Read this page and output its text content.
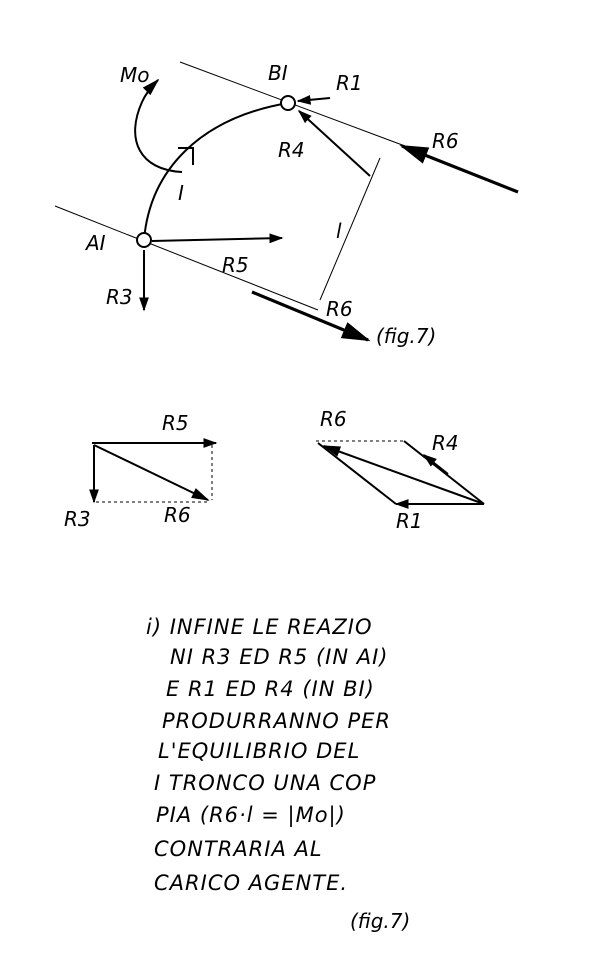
Mo	BI R1
R4	R6
I
l
AI
R5
R3	R6
(fig.7)
R5
R3	R6
R6
R4
R1
i) INFINE LE REAZIO
NI R3 ED R5 (IN AI)
E R1 ED R4 (IN BI)
PRODURRANNO PER
L'EQUILIBRIO DEL
I TRONCO UNA COP
PIA (R6·l = |Mo|)
CONTRARIA AL
CARICO AGENTE.
(fig.7)
